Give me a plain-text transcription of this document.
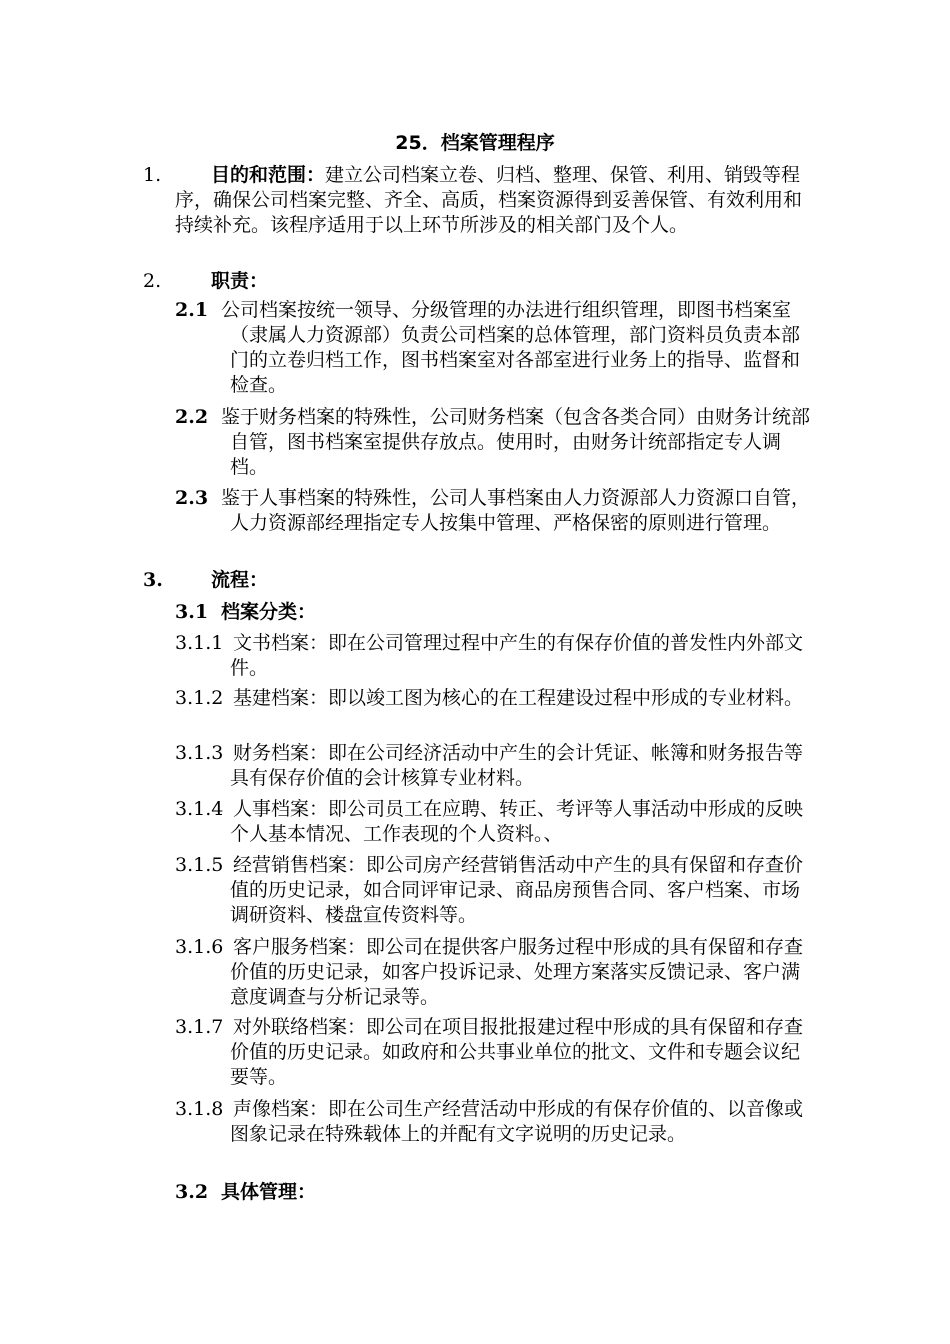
25．档案管理程序
1.	目的和范围：建立公司档案立卷、归档、整理、保管、利用、销毁等程序，确保公司档案完整、齐全、高质，档案资源得到妥善保管、有效利用和持续补充。该程序适用于以上环节所涉及的相关部门及个人。
2.	职责：
2.1 公司档案按统一领导、分级管理的办法进行组织管理，即图书档案室（隶属人力资源部）负责公司档案的总体管理，部门资料员负责本部门的立卷归档工作，图书档案室对各部室进行业务上的指导、监督和检查。
2.2 鉴于财务档案的特殊性，公司财务档案（包含各类合同）由财务计统部自管，图书档案室提供存放点。使用时，由财务计统部指定专人调档。
2.3 鉴于人事档案的特殊性，公司人事档案由人力资源部人力资源口自管，人力资源部经理指定专人按集中管理、严格保密的原则进行管理。
3.	流程：
3.1 档案分类：
3.1.1 文书档案：即在公司管理过程中产生的有保存价值的普发性内外部文件。
3.1.2 基建档案：即以竣工图为核心的在工程建设过程中形成的专业材料。
3.1.3 财务档案：即在公司经济活动中产生的会计凭证、帐簿和财务报告等具有保存价值的会计核算专业材料。
3.1.4 人事档案：即公司员工在应聘、转正、考评等人事活动中形成的反映个人基本情况、工作表现的个人资料。、
3.1.5 经营销售档案：即公司房产经营销售活动中产生的具有保留和存查价值的历史记录，如合同评审记录、商品房预售合同、客户档案、市场调研资料、楼盘宣传资料等。
3.1.6 客户服务档案：即公司在提供客户服务过程中形成的具有保留和存查价值的历史记录，如客户投诉记录、处理方案落实反馈记录、客户满意度调查与分析记录等。
3.1.7 对外联络档案：即公司在项目报批报建过程中形成的具有保留和存查价值的历史记录。如政府和公共事业单位的批文、文件和专题会议纪要等。
3.1.8 声像档案：即在公司生产经营活动中形成的有保存价值的、以音像或图象记录在特殊载体上的并配有文字说明的历史记录。
3.2 具体管理：
